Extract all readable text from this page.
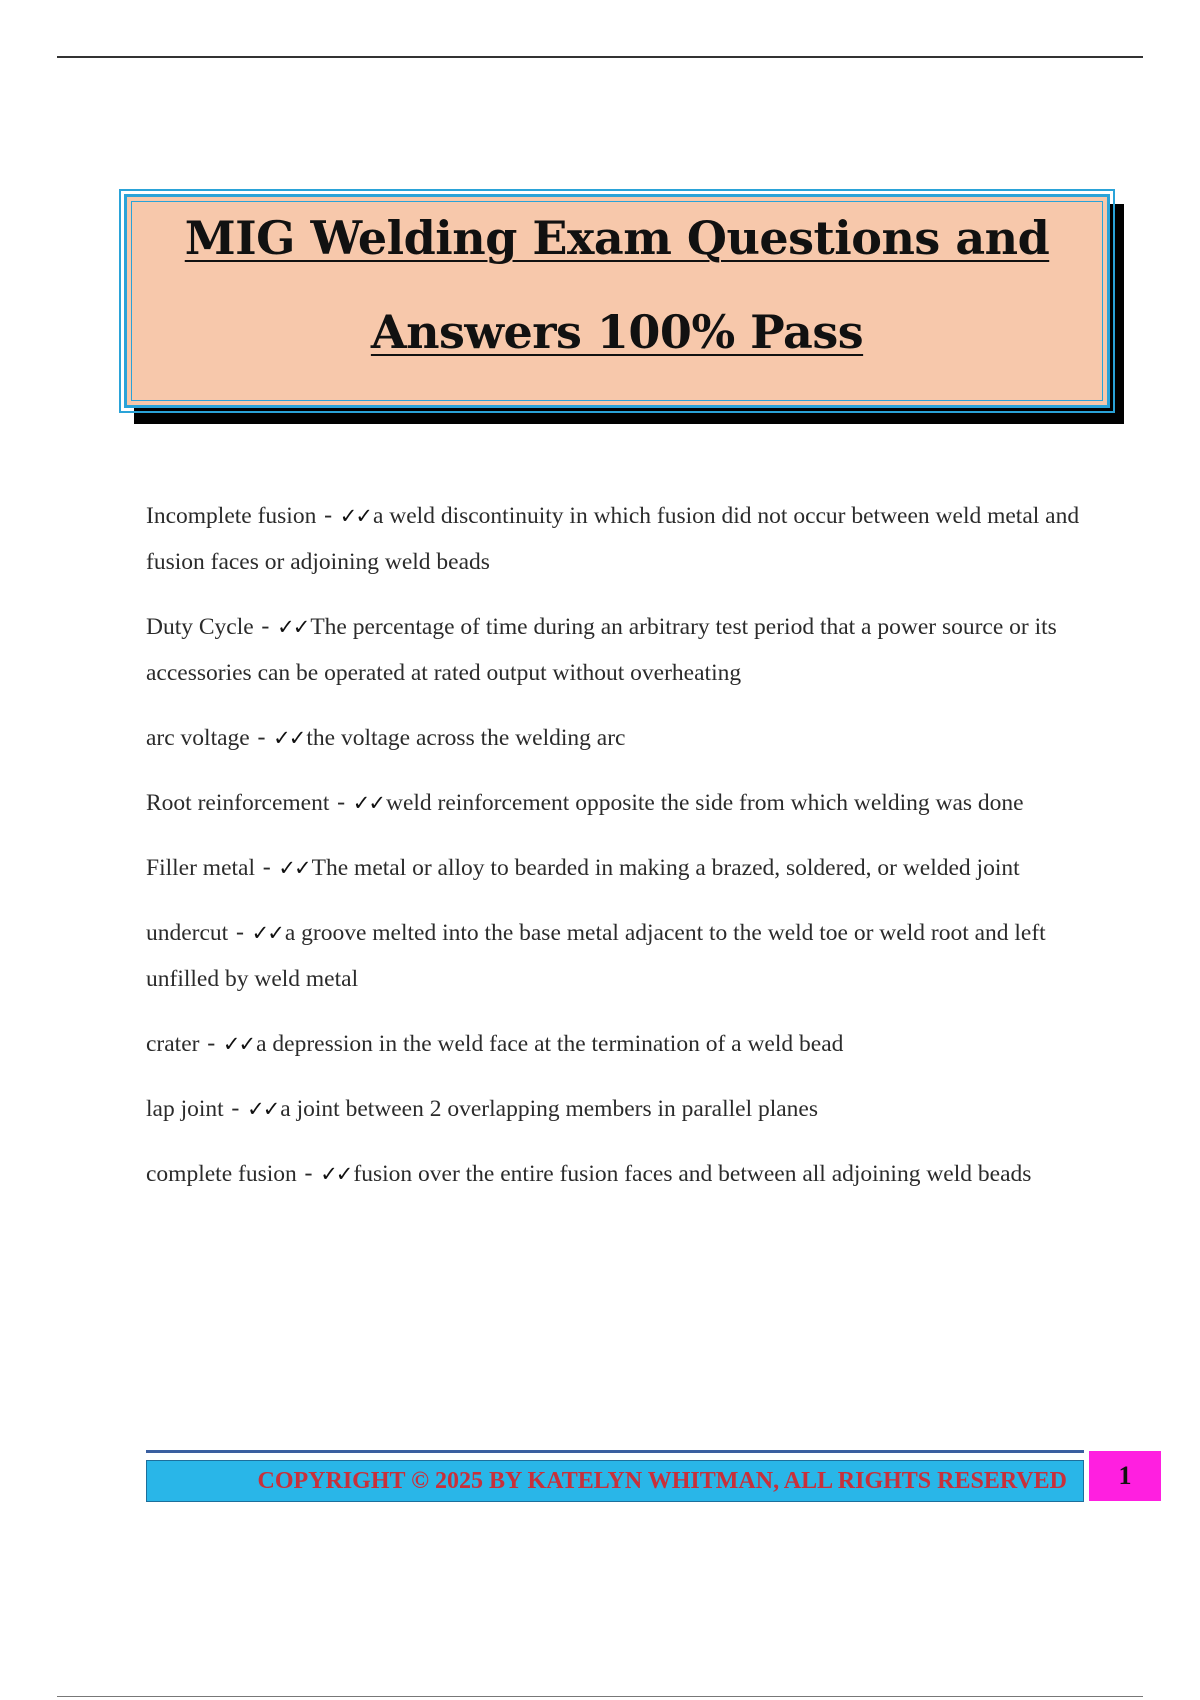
MIG Welding Exam Questions and
Answers 100% Pass
Incomplete fusion - ✓✓a weld discontinuity in which fusion did not occur between weld metal and fusion faces or adjoining weld beads
Duty Cycle - ✓✓The percentage of time during an arbitrary test period that a power source or its accessories can be operated at rated output without overheating
arc voltage - ✓✓the voltage across the welding arc
Root reinforcement - ✓✓weld reinforcement opposite the side from which welding was done
Filler metal - ✓✓The metal or alloy to bearded in making a brazed, soldered, or welded joint
undercut - ✓✓a groove melted into the base metal adjacent to the weld toe or weld root and left unfilled by weld metal
crater - ✓✓a depression in the weld face at the termination of a weld bead
lap joint - ✓✓a joint between 2 overlapping members in parallel planes
complete fusion - ✓✓fusion over the entire fusion faces and between all adjoining weld beads
COPYRIGHT © 2025 BY KATELYN WHITMAN, ALL RIGHTS RESERVED	1
